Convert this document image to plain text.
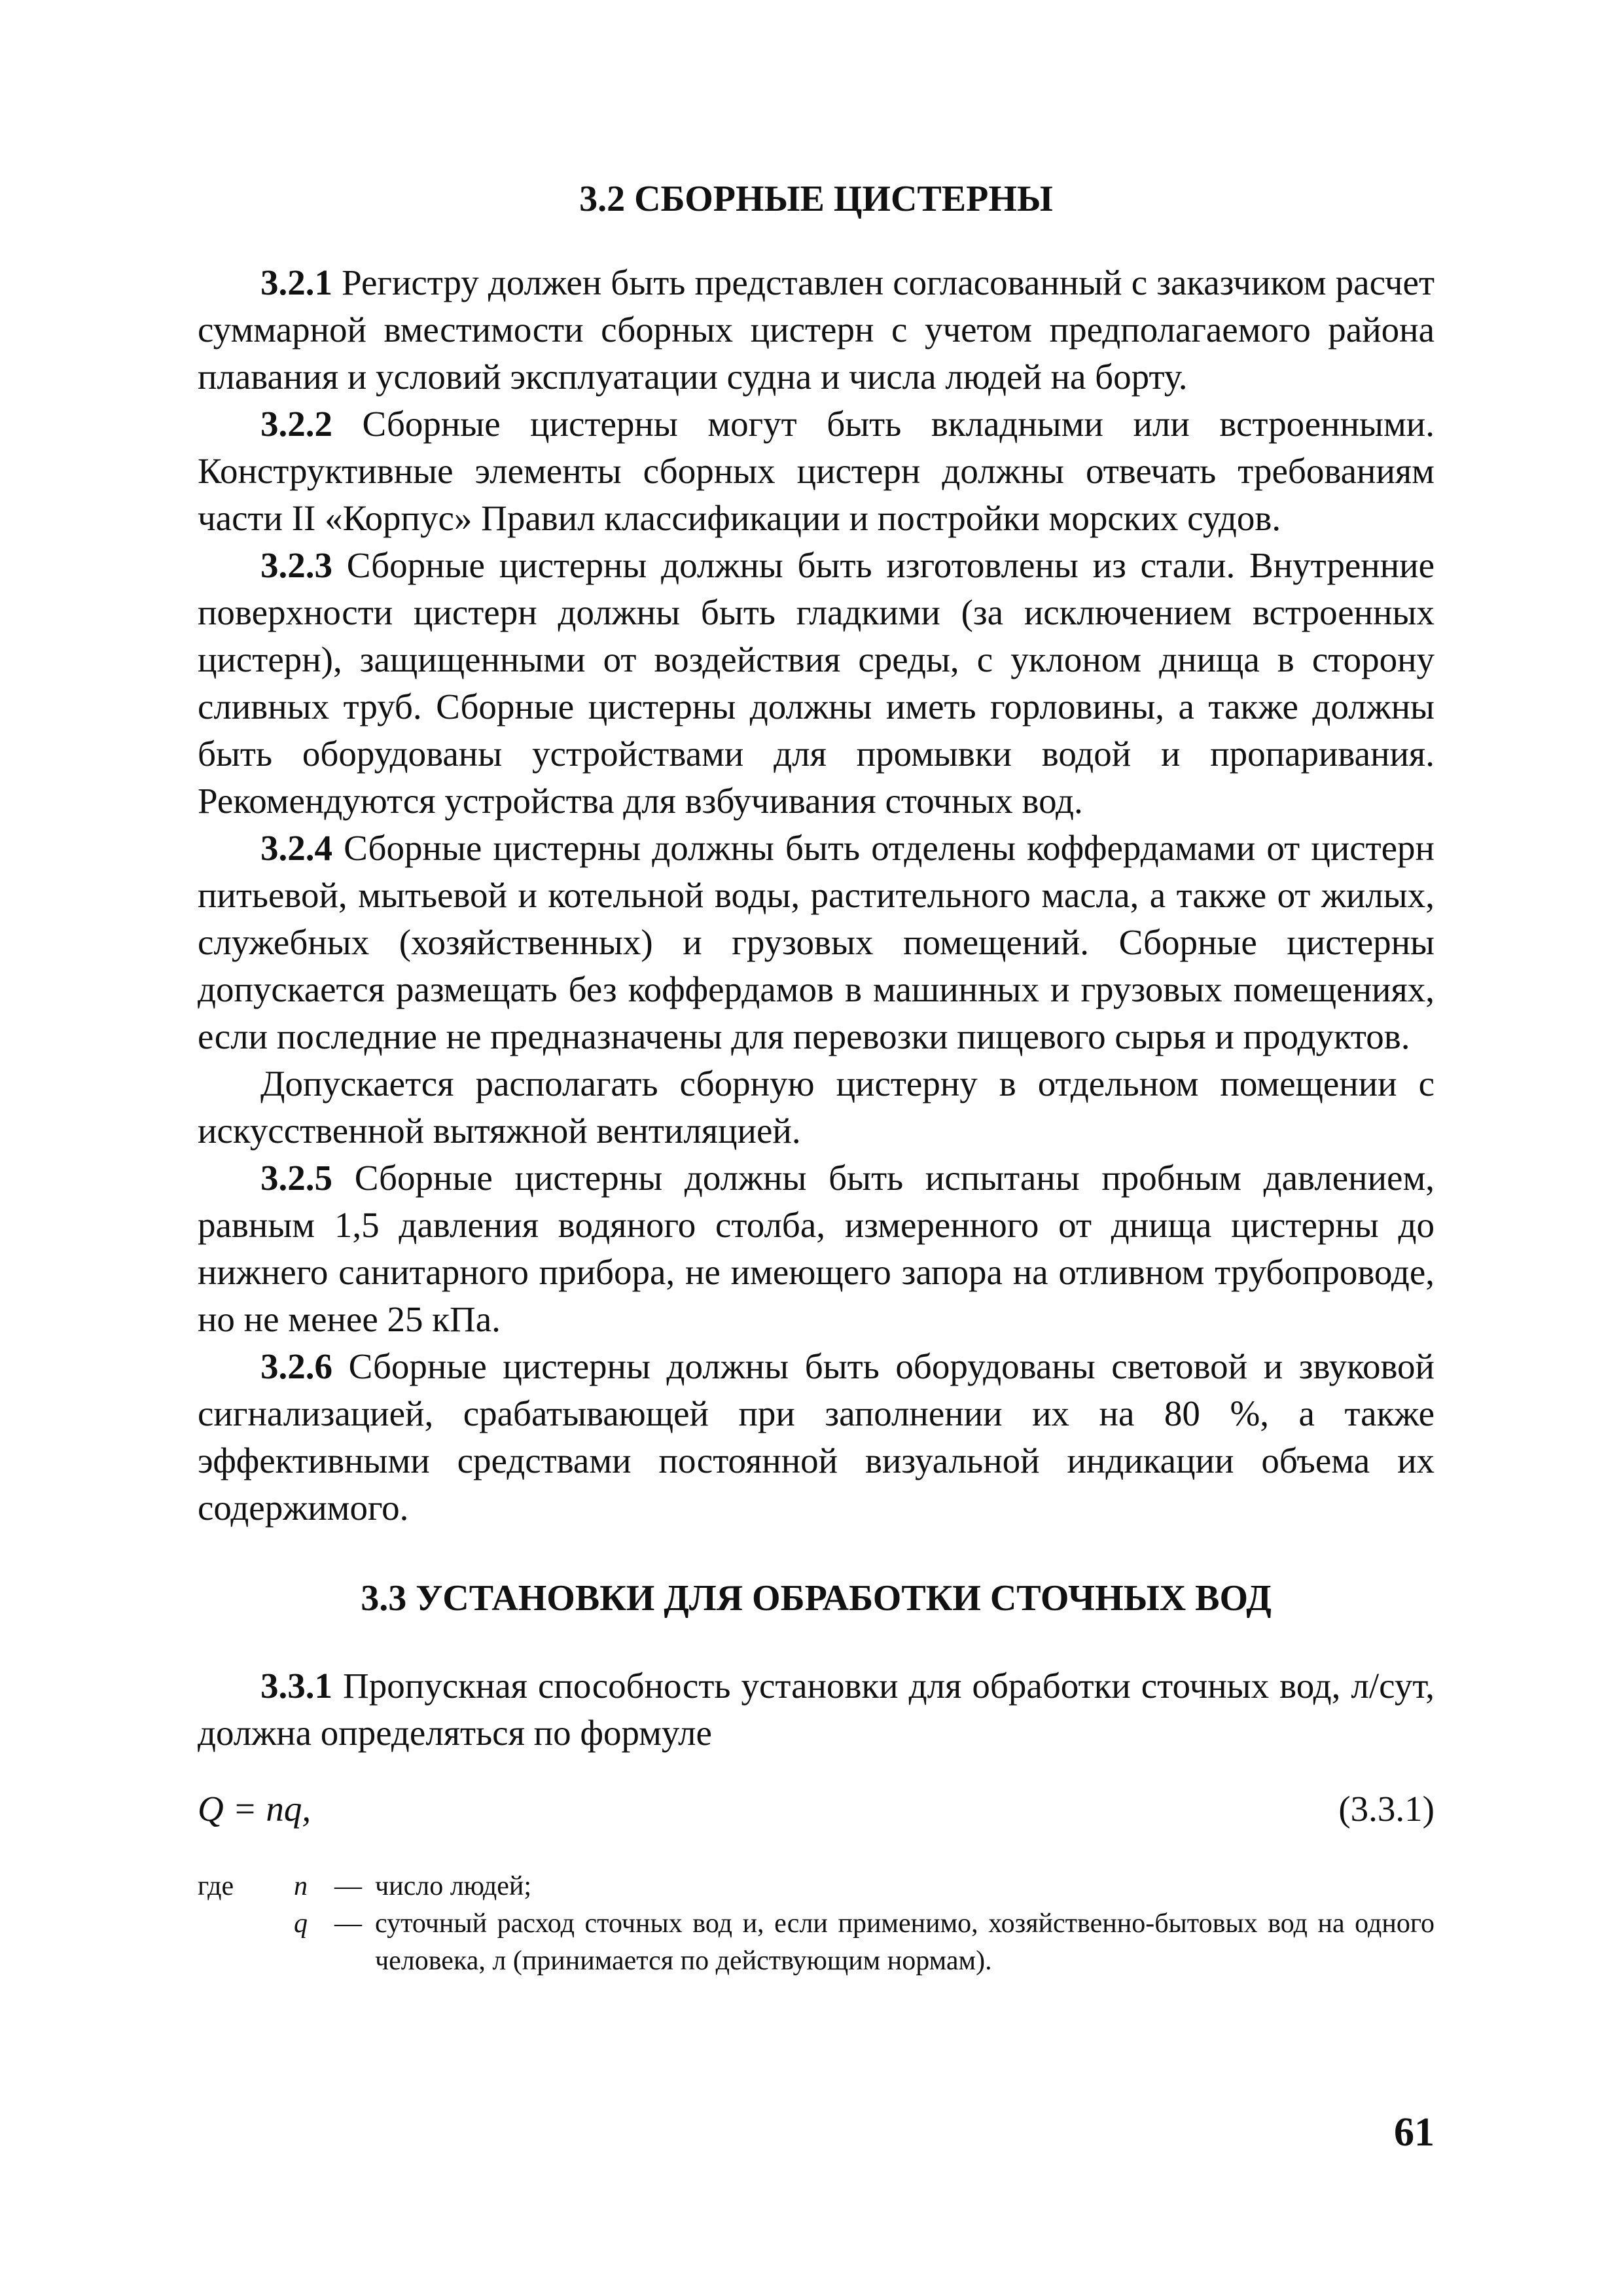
3.2 СБОРНЫЕ ЦИСТЕРНЫ

3.2.1 Регистру должен быть представлен согласованный с заказчиком расчет суммарной вместимости сборных цистерн с учетом предполагаемого района плавания и условий эксплуатации судна и числа людей на борту.

3.2.2 Сборные цистерны могут быть вкладными или встроенными. Конструктивные элементы сборных цистерн должны отвечать требованиям части II «Корпус» Правил классификации и постройки морских судов.

3.2.3 Сборные цистерны должны быть изготовлены из стали. Внутренние поверхности цистерн должны быть гладкими (за исключением встроенных цистерн), защищенными от воздействия среды, с уклоном днища в сторону сливных труб. Сборные цистерны должны иметь горловины, а также должны быть оборудованы устройствами для промывки водой и пропаривания. Рекомендуются устройства для взбучивания сточных вод.

3.2.4 Сборные цистерны должны быть отделены коффердамами от цистерн питьевой, мытьевой и котельной воды, растительного масла, а также от жилых, служебных (хозяйственных) и грузовых помещений. Сборные цистерны допускается размещать без коффердамов в машинных и грузовых помещениях, если последние не предназначены для перевозки пищевого сырья и продуктов.

Допускается располагать сборную цистерну в отдельном помещении с искусственной вытяжной вентиляцией.

3.2.5 Сборные цистерны должны быть испытаны пробным давлением, равным 1,5 давления водяного столба, измеренного от днища цистерны до нижнего санитарного прибора, не имеющего запора на отливном трубопроводе, но не менее 25 кПа.

3.2.6 Сборные цистерны должны быть оборудованы световой и звуковой сигнализацией, срабатывающей при заполнении их на 80 %, а также эффективными средствами постоянной визуальной индикации объема их содержимого.

3.3 УСТАНОВКИ ДЛЯ ОБРАБОТКИ СТОЧНЫХ ВОД

3.3.1 Пропускная способность установки для обработки сточных вод, л/сут, должна определяться по формуле

Q = nq,	(3.3.1)
где	n — число людей;
q — суточный расход сточных вод и, если применимо, хозяйственно-бытовых вод на одного человека, л (принимается по действующим нормам).
61
